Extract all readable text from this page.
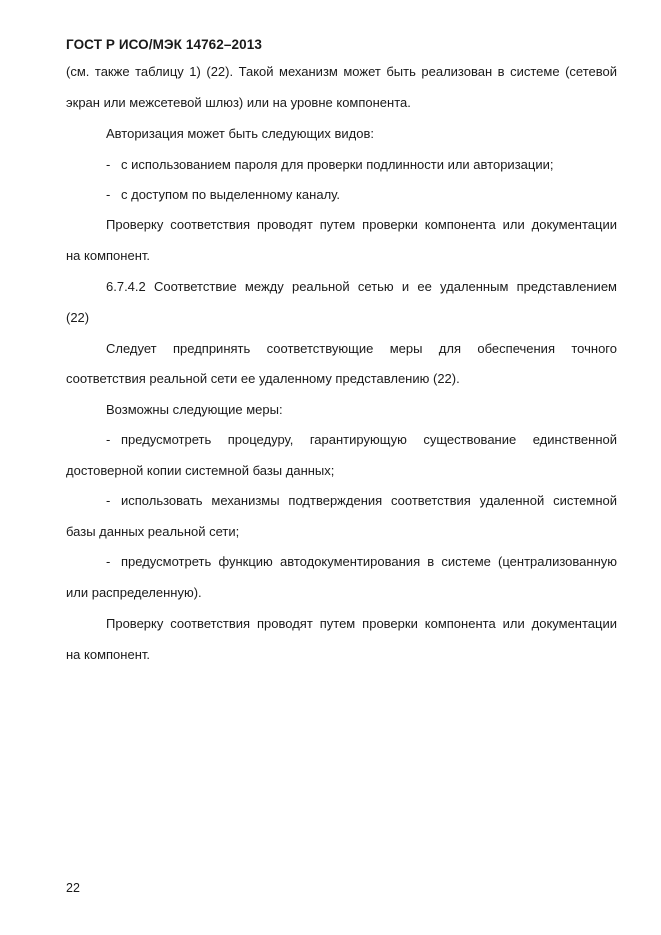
ГОСТ Р ИСО/МЭК 14762–2013
(см. также таблицу 1) (22). Такой механизм может быть реализован в системе (сетевой
экран или межсетевой шлюз) или на уровне компонента.
Авторизация может быть следующих видов:
- с использованием пароля для проверки подлинности или авторизации;
- с доступом по выделенному каналу.
Проверку соответствия проводят путем проверки компонента или документации
на компонент.
6.7.4.2 Соответствие между реальной сетью и ее удаленным представлением
(22)
Следует предпринять соответствующие меры для обеспечения точного
соответствия реальной сети ее удаленному представлению (22).
Возможны следующие меры:
- предусмотреть процедуру, гарантирующую существование единственной
достоверной копии системной базы данных;
- использовать механизмы подтверждения соответствия удаленной системной
базы данных реальной сети;
- предусмотреть функцию автодокументирования в системе (централизованную
или распределенную).
Проверку соответствия проводят путем проверки компонента или документации
на компонент.
22
